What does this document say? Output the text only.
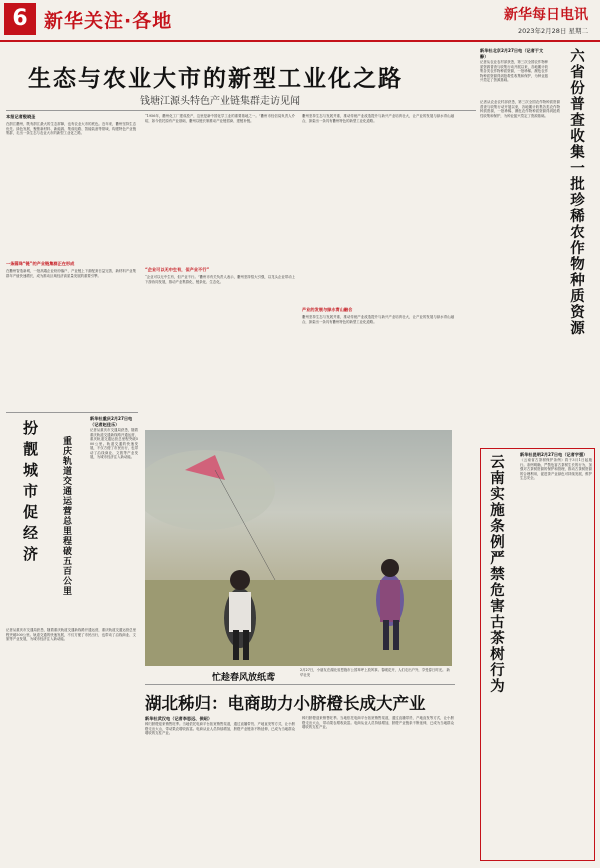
6 新华关注·各地	新华每日电讯
2023年2月28日 星期二
生态与农业大市的新型工业化之路
钱塘江源头特色产业链集群走访见闻
本报记者殷晓圣
在浙江衢州，既有浙江最大的生态屏障，也有农业大市的底色。近年来，衢州坚持生态优先、绿色发展，聚焦新材料、新能源、集成电路、智能装备等领域，构建特色产业链集群，走出一条生态与农业大市的新型工业化之路。
一条圆珠“链”的产业链集群正在形成
在衢州智造新城，一批高端企业纷纷落户，产业链上下游配套日益完善，新材料产业集群年产值快速增长，成为推动区域经济高质量发展的重要引擎。
“1956年，衢州化工厂建成投产，这里是新中国化学工业的重要基地之一。”衢州市经信局负责人介绍，如今依托原有产业基础，衢州以链长制推动产业链招商、建链补链。
“企业可以无中生有，但产业不行”
“企业可以无中生有，但产业不行。”衢州市有关负责人表示，衢州坚持招大引强，以龙头企业带动上下游协同发展，推动产业集群化、链条化、生态化。
衢州坚持生态与发展并重，推动传统产业改造提升与新兴产业培育壮大，让产业的发展与绿水青山融合，探索出一条具有衢州特色的新型工业化道路。
产业的发展与绿水青山融合
衢州坚持生态与发展并重，推动传统产业改造提升与新兴产业培育壮大，让产业的发展与绿水青山融合，探索出一条具有衢州特色的新型工业化道路。
扮靓城市促经济 重庆轨道交通运营总里程破五百公里
新华社重庆2月27日电（记者赵佳乐）
记者从重庆市交通局获悉，随着重庆轨道交通新线路开通运营，重庆轨道交通运营总里程突破500公里。轨道交通的快速发展，不仅方便了市民出行，也带动了沿线商业、文旅等产业发展，为城市经济注入新动能。
记者从重庆市交通局获悉，随着重庆轨道交通新线路开通运营，重庆轨道交通运营总里程突破500公里。轨道交通的快速发展，不仅方便了市民出行，也带动了沿线商业、文旅等产业发展，为城市经济注入新动能。
忙趁春风放纸鸢
2月27日，小朋友在湖北省恩施市公园草坪上放风筝。春暖花开，人们走出户外，享受春日时光。 新华社发
湖北秭归：电商助力小脐橙长成大产业
新华社武汉电（记者李思远、侯昭）
秭归脐橙迎来销售旺季。当地依托电商平台拓宽销售渠道，通过直播带货、产地直发等方式，让小脐橙走出大山，带动果农增收致富。电商从业人员持续增加，脐橙产业链条不断延伸，已成为当地群众增收的支柱产业。
秭归脐橙迎来销售旺季。当地依托电商平台拓宽销售渠道，通过直播带货、产地直发等方式，让小脐橙走出大山，带动果农增收致富。电商从业人员持续增加，脐橙产业链条不断延伸，已成为当地群众增收的支柱产业。
新华社北京2月27日电（记者于文静）
记者从农业农村部获悉，第三次全国农作物种质资源普查与收集行动开展以来，各地累计收集各类农作物种质资源，一批珍稀、濒危农作物种质资源得到抢救性收集和保护，为种业振兴奠定了资源基础。	六省份普查收集一批珍稀农作物种质资源
记者从农业农村部获悉，第三次全国农作物种质资源普查与收集行动开展以来，各地累计收集各类农作物种质资源，一批珍稀、濒危农作物种质资源得到抢救性收集和保护，为种业振兴奠定了资源基础。
云南实施条例严禁危害古茶树行为	新华社昆明2月27日电（记者字强）
《云南省古茶树保护条例》将于3月1日起施行。条例明确，严禁危害古茶树生长的行为，加强对古茶树资源的保护和管理，推动古茶树资源的合理利用，促进茶产业绿色可持续发展，维护生态安全。
